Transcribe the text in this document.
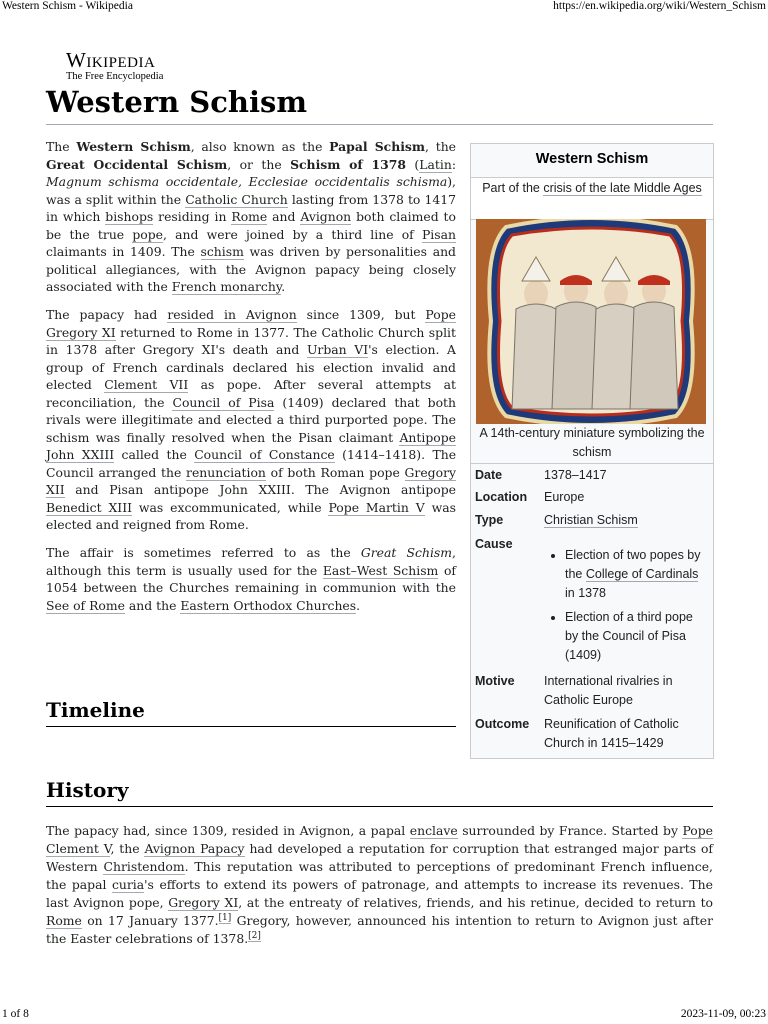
Western Schism - Wikipedia	https://en.wikipedia.org/wiki/Western_Schism
Wikipedia
The Free Encyclopedia
Western Schism

The Western Schism, also known as the Papal Schism, the Great Occidental Schism, or the Schism of 1378 (Latin: Magnum schisma occidentale, Ecclesiae occidentalis schisma), was a split within the Catholic Church lasting from 1378 to 1417 in which bishops residing in Rome and Avignon both claimed to be the true pope, and were joined by a third line of Pisan claimants in 1409. The schism was driven by personalities and political allegiances, with the Avignon papacy being closely associated with the French monarchy.

The papacy had resided in Avignon since 1309, but Pope Gregory XI returned to Rome in 1377. The Catholic Church split in 1378 after Gregory XI's death and Urban VI's election. A group of French cardinals declared his election invalid and elected Clement VII as pope. After several attempts at reconciliation, the Council of Pisa (1409) declared that both rivals were illegitimate and elected a third purported pope. The schism was finally resolved when the Pisan claimant Antipope John XXIII called the Council of Constance (1414–1418). The Council arranged the renunciation of both Roman pope Gregory XII and Pisan antipope John XXIII. The Avignon antipope Benedict XIII was excommunicated, while Pope Martin V was elected and reigned from Rome.

The affair is sometimes referred to as the Great Schism, although this term is usually used for the East–West Schism of 1054 between the Churches remaining in communion with the See of Rome and the Eastern Orthodox Churches.

Timeline
Western Schism
Part of the crisis of the late Middle Ages
A 14th-century miniature symbolizing the schism
Date	1378–1417
Location Europe
Type	Christian Schism
Cause
• Election of two popes by the College of Cardinals in 1378
• Election of a third pope by the Council of Pisa (1409)
Motive International rivalries in Catholic Europe
Outcome Reunification of Catholic Church in 1415–1429
History
The papacy had, since 1309, resided in Avignon, a papal enclave surrounded by France. Started by Pope Clement V, the Avignon Papacy had developed a reputation for corruption that estranged major parts of Western Christendom. This reputation was attributed to perceptions of predominant French influence, the papal curia's efforts to extend its powers of patronage, and attempts to increase its revenues. The last Avignon pope, Gregory XI, at the entreaty of relatives, friends, and his retinue, decided to return to Rome on 17 January 1377.[1] Gregory, however, announced his intention to return to Avignon just after the Easter celebrations of 1378.[2]
1 of 8	2023-11-09, 00:23
